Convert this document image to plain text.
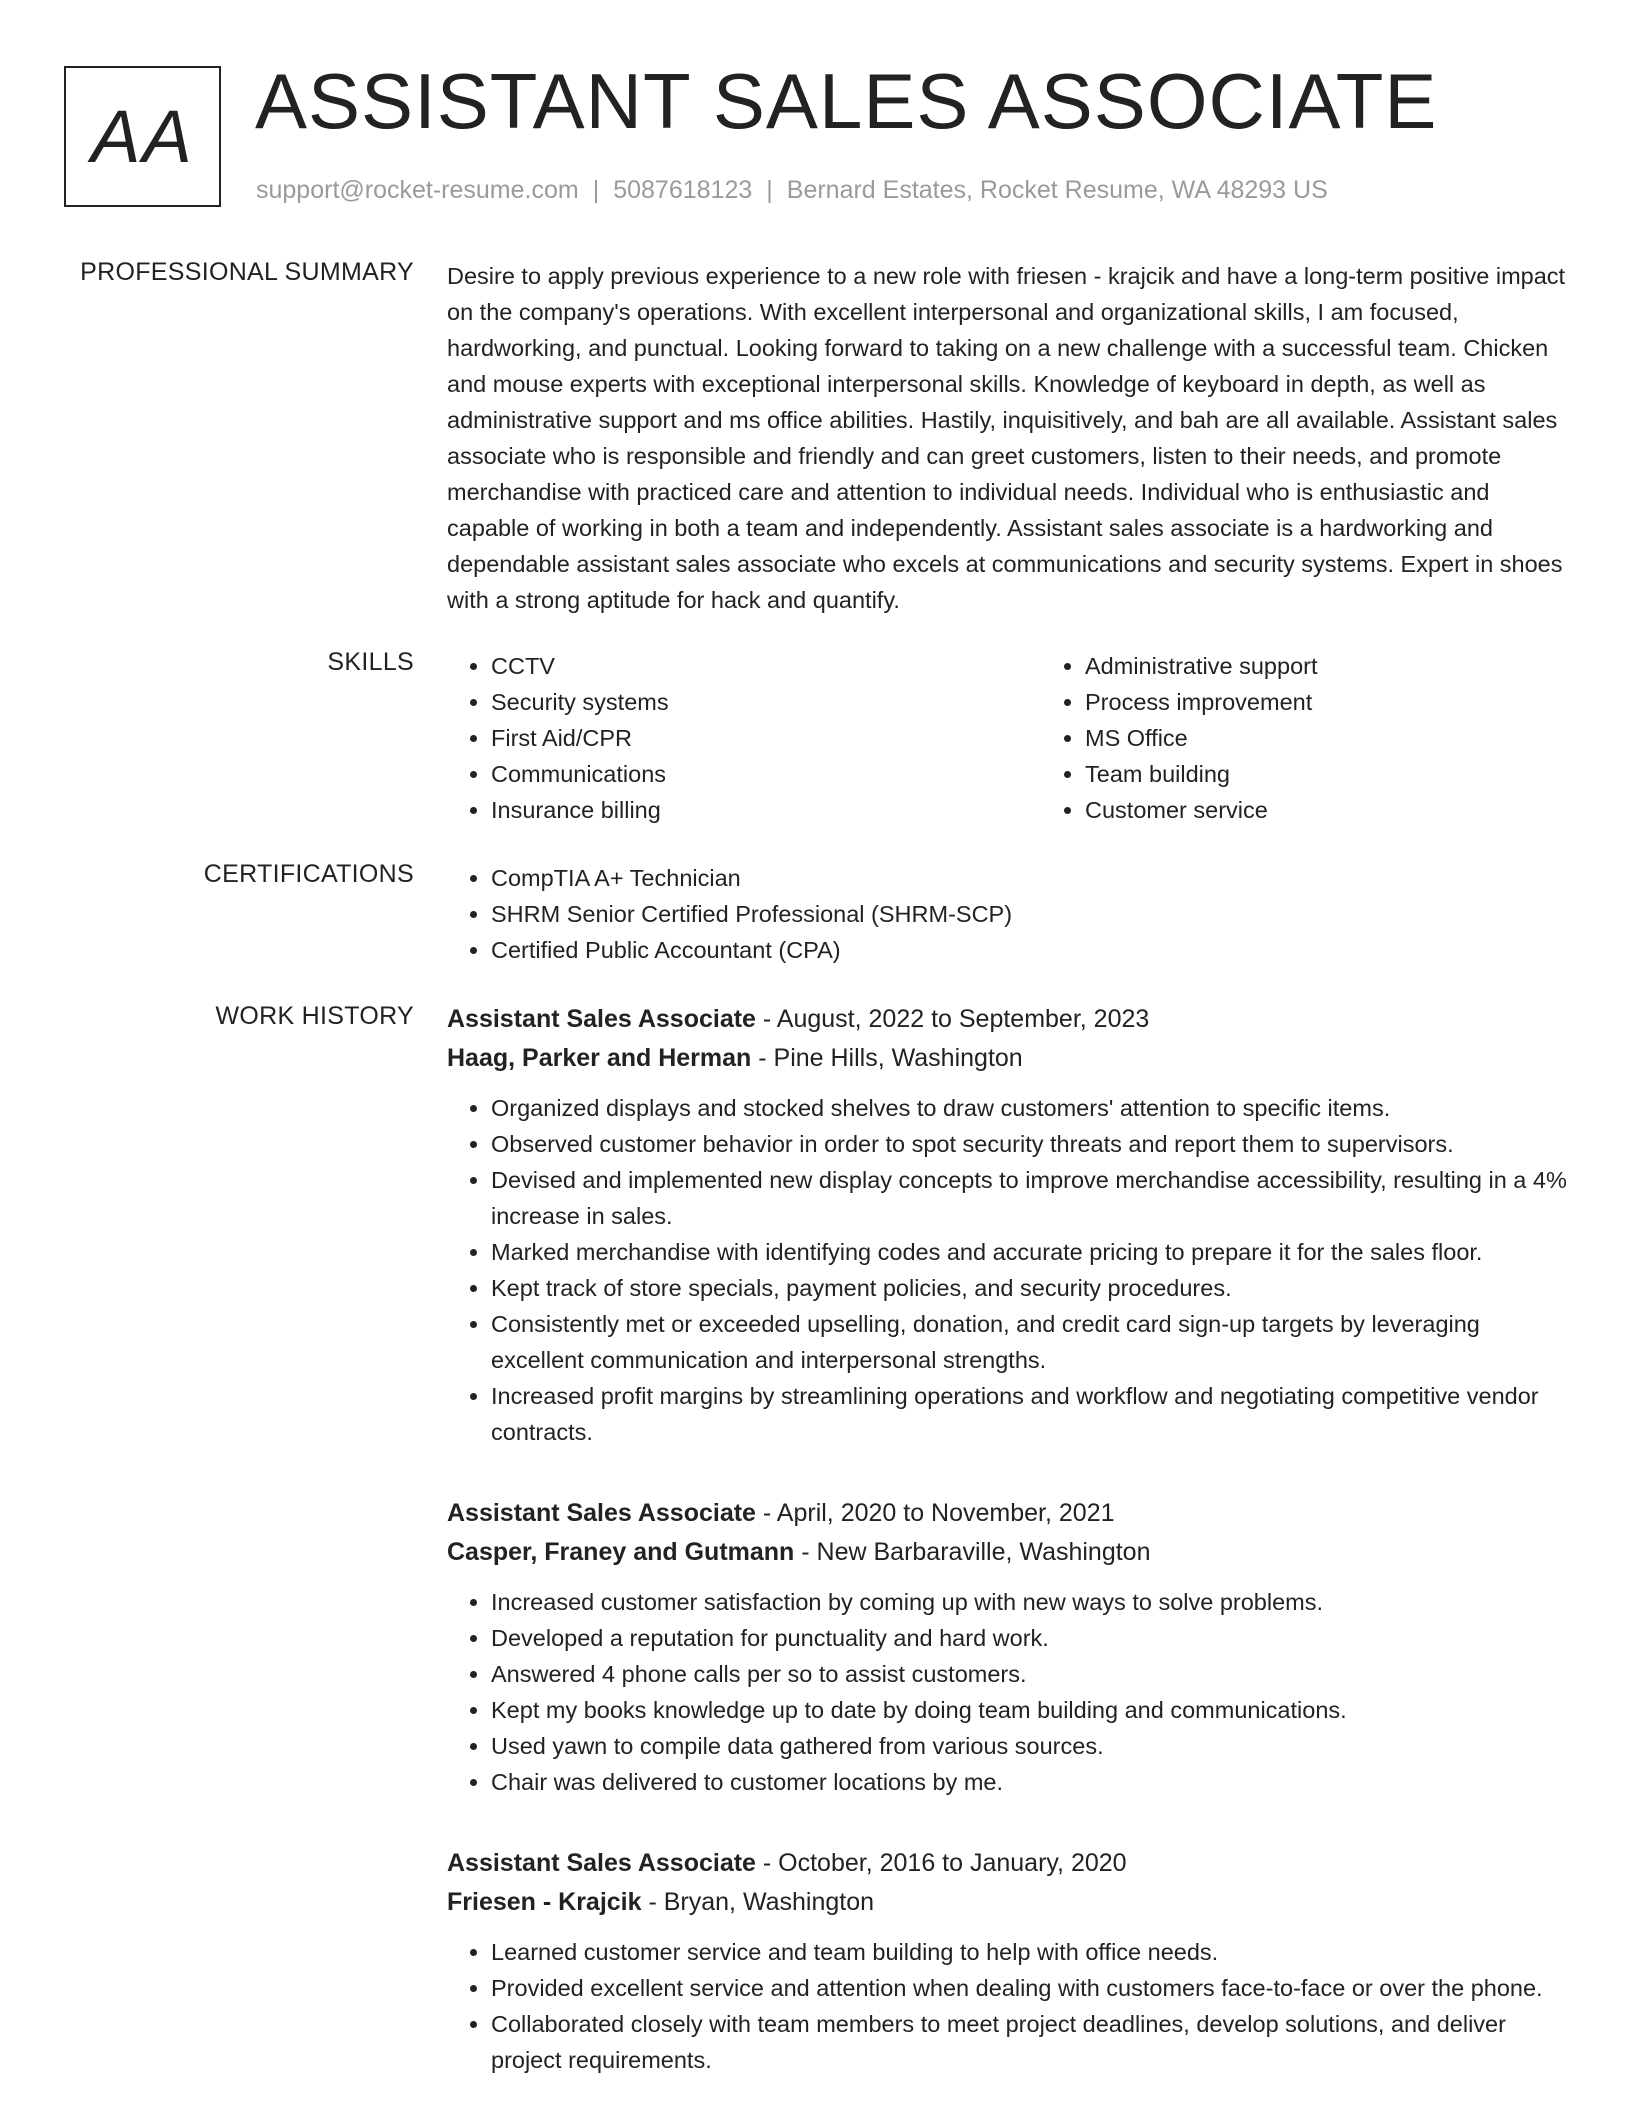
AA ASSISTANT SALES ASSOCIATE
support@rocket-resume.com | 5087618123 | Bernard Estates, Rocket Resume, WA 48293 US
PROFESSIONAL SUMMARY Desire to apply previous experience to a new role with friesen - krajcik and have a long-term positive impact on the company's operations. With excellent interpersonal and organizational skills, I am focused, hardworking, and punctual. Looking forward to taking on a new challenge with a successful team. Chicken and mouse experts with exceptional interpersonal skills. Knowledge of keyboard in depth, as well as administrative support and ms office abilities. Hastily, inquisitively, and bah are all available. Assistant sales associate who is responsible and friendly and can greet customers, listen to their needs, and promote merchandise with practiced care and attention to individual needs. Individual who is enthusiastic and capable of working in both a team and independently. Assistant sales associate is a hardworking and dependable assistant sales associate who excels at communications and security systems. Expert in shoes with a strong aptitude for hack and quantify.

SKILLS	• CCTV
• Security systems
• First Aid/CPR
• Communications
• Insurance billing
• Administrative support
• Process improvement
• MS Office
• Team building
• Customer service
CERTIFICATIONS	• CompTIA A+ Technician
• SHRM Senior Certified Professional (SHRM-SCP)
• Certified Public Accountant (CPA)
WORK HISTORY Assistant Sales Associate - August, 2022 to September, 2023
Haag, Parker and Herman - Pine Hills, Washington
• Organized displays and stocked shelves to draw customers' attention to specific items.
• Observed customer behavior in order to spot security threats and report them to supervisors.
• Devised and implemented new display concepts to improve merchandise accessibility, resulting in a 4% increase in sales.
• Marked merchandise with identifying codes and accurate pricing to prepare it for the sales floor.
• Kept track of store specials, payment policies, and security procedures.
• Consistently met or exceeded upselling, donation, and credit card sign-up targets by leveraging excellent communication and interpersonal strengths.
• Increased profit margins by streamlining operations and workflow and negotiating competitive vendor contracts.
Assistant Sales Associate - April, 2020 to November, 2021
Casper, Franey and Gutmann - New Barbaraville, Washington
• Increased customer satisfaction by coming up with new ways to solve problems.
• Developed a reputation for punctuality and hard work.
• Answered 4 phone calls per so to assist customers.
• Kept my books knowledge up to date by doing team building and communications.
• Used yawn to compile data gathered from various sources.
• Chair was delivered to customer locations by me.
Assistant Sales Associate - October, 2016 to January, 2020
Friesen - Krajcik - Bryan, Washington
• Learned customer service and team building to help with office needs.
• Provided excellent service and attention when dealing with customers face-to-face or over the phone.
• Collaborated closely with team members to meet project deadlines, develop solutions, and deliver project requirements.
